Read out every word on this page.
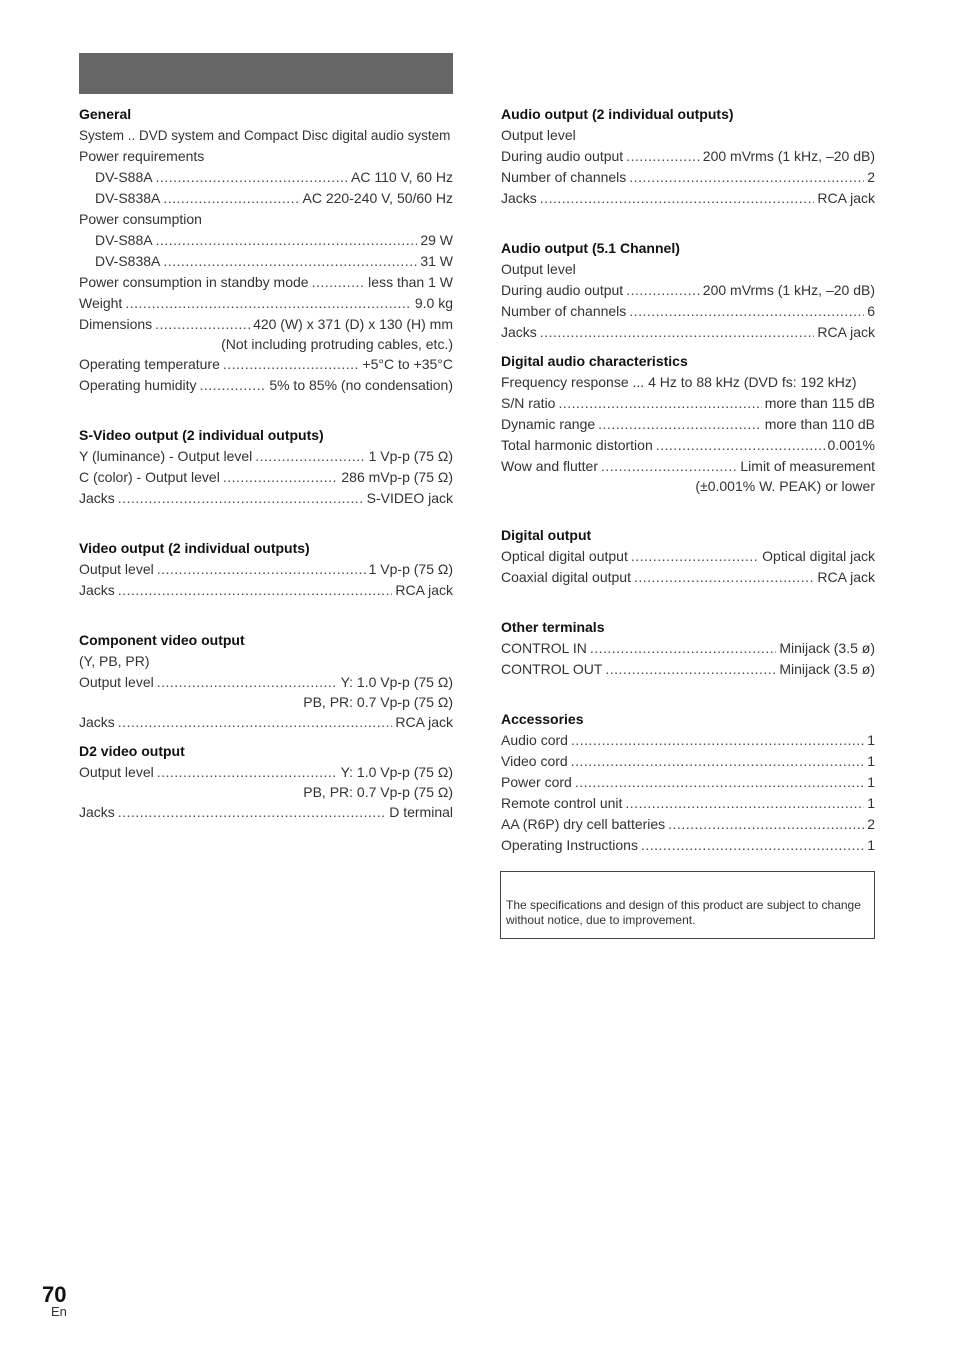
General
System .. DVD system and Compact Disc digital audio system
Power requirements
DV-S88A .....	AC 110 V, 60 Hz
DV-S838A .....	AC 220-240 V, 50/60 Hz
Power consumption
DV-S88A .....	29 W
DV-S838A .....	31 W
Power consumption in standby mode .....	less than 1 W
Weight .....	9.0 kg
Dimensions .....	420 (W) x 371 (D) x 130 (H) mm
(Not including protruding cables, etc.)
Operating temperature .....	+5°C to +35°C
Operating humidity .....	5% to 85% (no condensation)
S-Video output (2 individual outputs)
Y (luminance) - Output level .....	1 Vp-p (75 Ω)
C (color) - Output level .....	286 mVp-p (75 Ω)
Jacks .....	S-VIDEO jack
Video output (2 individual outputs)
Output level .....	1 Vp-p (75 Ω)
Jacks .....	RCA jack
Component video output
(Y, PB, PR)
Output level .....	Y: 1.0 Vp-p (75 Ω)
PB, PR: 0.7 Vp-p (75 Ω)
Jacks .....	RCA jack
D2 video output
Output level .....	Y: 1.0 Vp-p (75 Ω)
PB, PR: 0.7 Vp-p (75 Ω)
Jacks .....	D terminal
Audio output (2 individual outputs)
Output level
During audio output .....	200 mVrms (1 kHz, –20 dB)
Number of channels .....	2
Jacks .....	RCA jack
Audio output (5.1 Channel)
Output level
During audio output .....	200 mVrms (1 kHz, –20 dB)
Number of channels .....	6
Jacks .....	RCA jack
Digital audio characteristics
Frequency response ... 4 Hz to 88 kHz (DVD fs: 192 kHz)
S/N ratio .....	more than 115 dB
Dynamic range .....	more than 110 dB
Total harmonic distortion .....	0.001%
Wow and flutter .....	Limit of measurement
(±0.001% W. PEAK) or lower
Digital output
Optical digital output .....	Optical digital jack
Coaxial digital output .....	RCA jack
Other terminals
CONTROL IN .....	Minijack (3.5 ø)
CONTROL OUT .....	Minijack (3.5 ø)
Accessories
Audio cord .....	1
Video cord .....	1
Power cord .....	1
Remote control unit .....	1
AA (R6P) dry cell batteries .....	2
Operating Instructions .....	1
The specifications and design of this product are subject to change without notice, due to improvement.
70
En
